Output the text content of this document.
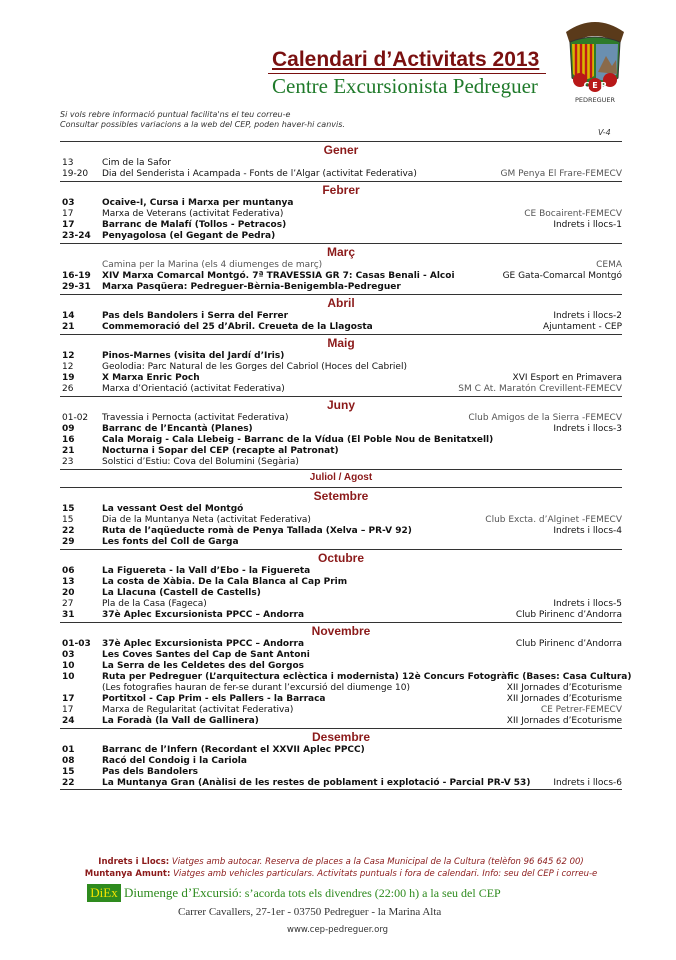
Calendari d’Activitats 2013
Centre Excursionista Pedreguer	C E P
PEDREGUER
Si vols rebre informació puntual facilita'ns el teu correu-e
Consultar possibles variacions a la web del CEP, poden haver-hi canvis.
V-4
Gener
13	Cim de la Safor
19-20 Dia del Senderista i Acampada - Fonts de l’Algar (activitat Federativa)	GM Penya El Frare-FEMECV
Febrer
03	Ocaive-I, Cursa i Marxa per muntanya
17	Marxa de Veterans (activitat Federativa)	CE Bocairent-FEMECV
17	Barranc de Malafí (Tollos - Petracos)	Indrets i llocs-1
23-24 Penyagolosa (el Gegant de Pedra)
Març
Camina per la Marina (els 4 diumenges de març)	CEMA
16-19 XIV Marxa Comarcal Montgó. 7ª TRAVESSIA GR 7: Casas Benali - Alcoi	GE Gata-Comarcal Montgó
29-31 Marxa Pasqüera: Pedreguer-Bèrnia-Benigembla-Pedreguer
Abril
14	Pas dels Bandolers i Serra del Ferrer	Indrets i llocs-2
21	Commemoració del 25 d’Abril. Creueta de la Llagosta	Ajuntament - CEP
Maig
12	Pinos-Marnes (visita del Jardí d’Iris)
12	Geolodia: Parc Natural de les Gorges del Cabriol (Hoces del Cabriel)
19	X Marxa Enric Poch	XVI Esport en Primavera
26	Marxa d’Orientació (activitat Federativa)	SM C At. Maratón Crevillent-FEMECV
Juny
01-02 Travessia i Pernocta (activitat Federativa)	Club Amigos de la Sierra -FEMECV
09	Barranc de l’Encantà (Planes)	Indrets i llocs-3
16	Cala Moraig - Cala Llebeig - Barranc de la Vídua (El Poble Nou de Benitatxell)
21	Nocturna i Sopar del CEP (recapte al Patronat)
23	Solstici d’Estiu: Cova del Bolumini (Segària)
Juliol / Agost
Setembre
15	La vessant Oest del Montgó
15	Dia de la Muntanya Neta (activitat Federativa)	Club Excta. d’Alginet -FEMECV
22	Ruta de l’aqüeducte romà de Penya Tallada (Xelva – PR-V 92)	Indrets i llocs-4
29	Les fonts del Coll de Garga
Octubre
06	La Figuereta - la Vall d’Ebo - la Figuereta
13	La costa de Xàbia. De la Cala Blanca al Cap Prim
20	La Llacuna (Castell de Castells)
27	Pla de la Casa (Fageca)	Indrets i llocs-5
31	37è Aplec Excursionista PPCC – Andorra	Club Pirinenc d’Andorra
Novembre
01-03 37è Aplec Excursionista PPCC – Andorra	Club Pirinenc d’Andorra
03	Les Coves Santes del Cap de Sant Antoni
10	La Serra de les Celdetes des del Gorgos
10	Ruta per Pedreguer (L’arquitectura eclèctica i modernista) 12è Concurs Fotogràfic (Bases: Casa Cultura)
(Les fotografies hauran de fer-se durant l’excursió del diumenge 10)	XII Jornades d’Ecoturisme
17	Portitxol - Cap Prim - els Pallers - la Barraca	XII Jornades d’Ecoturisme
17	Marxa de Regularitat (activitat Federativa)	CE Petrer-FEMECV
24	La Foradà (la Vall de Gallinera)	XII Jornades d’Ecoturisme
Desembre
01	Barranc de l’Infern (Recordant el XXVII Aplec PPCC)
08	Racó del Condoig i la Cariola
15	Pas dels Bandolers
22	La Muntanya Gran (Anàlisi de les restes de poblament i explotació - Parcial PR-V 53)	Indrets i llocs-6
Indrets i Llocs: Viatges amb autocar. Reserva de places a la Casa Municipal de la Cultura (telèfon 96 645 62 00)
Muntanya Amunt: Viatges amb vehicles particulars. Activitats puntuals i fora de calendari. Info: seu del CEP i correu-e
DiEx Diumenge d’Excursió: s’acorda tots els divendres (22:00 h) a la seu del CEP
Carrer Cavallers, 27-1er - 03750 Pedreguer - la Marina Alta
www.cep-pedreguer.org
